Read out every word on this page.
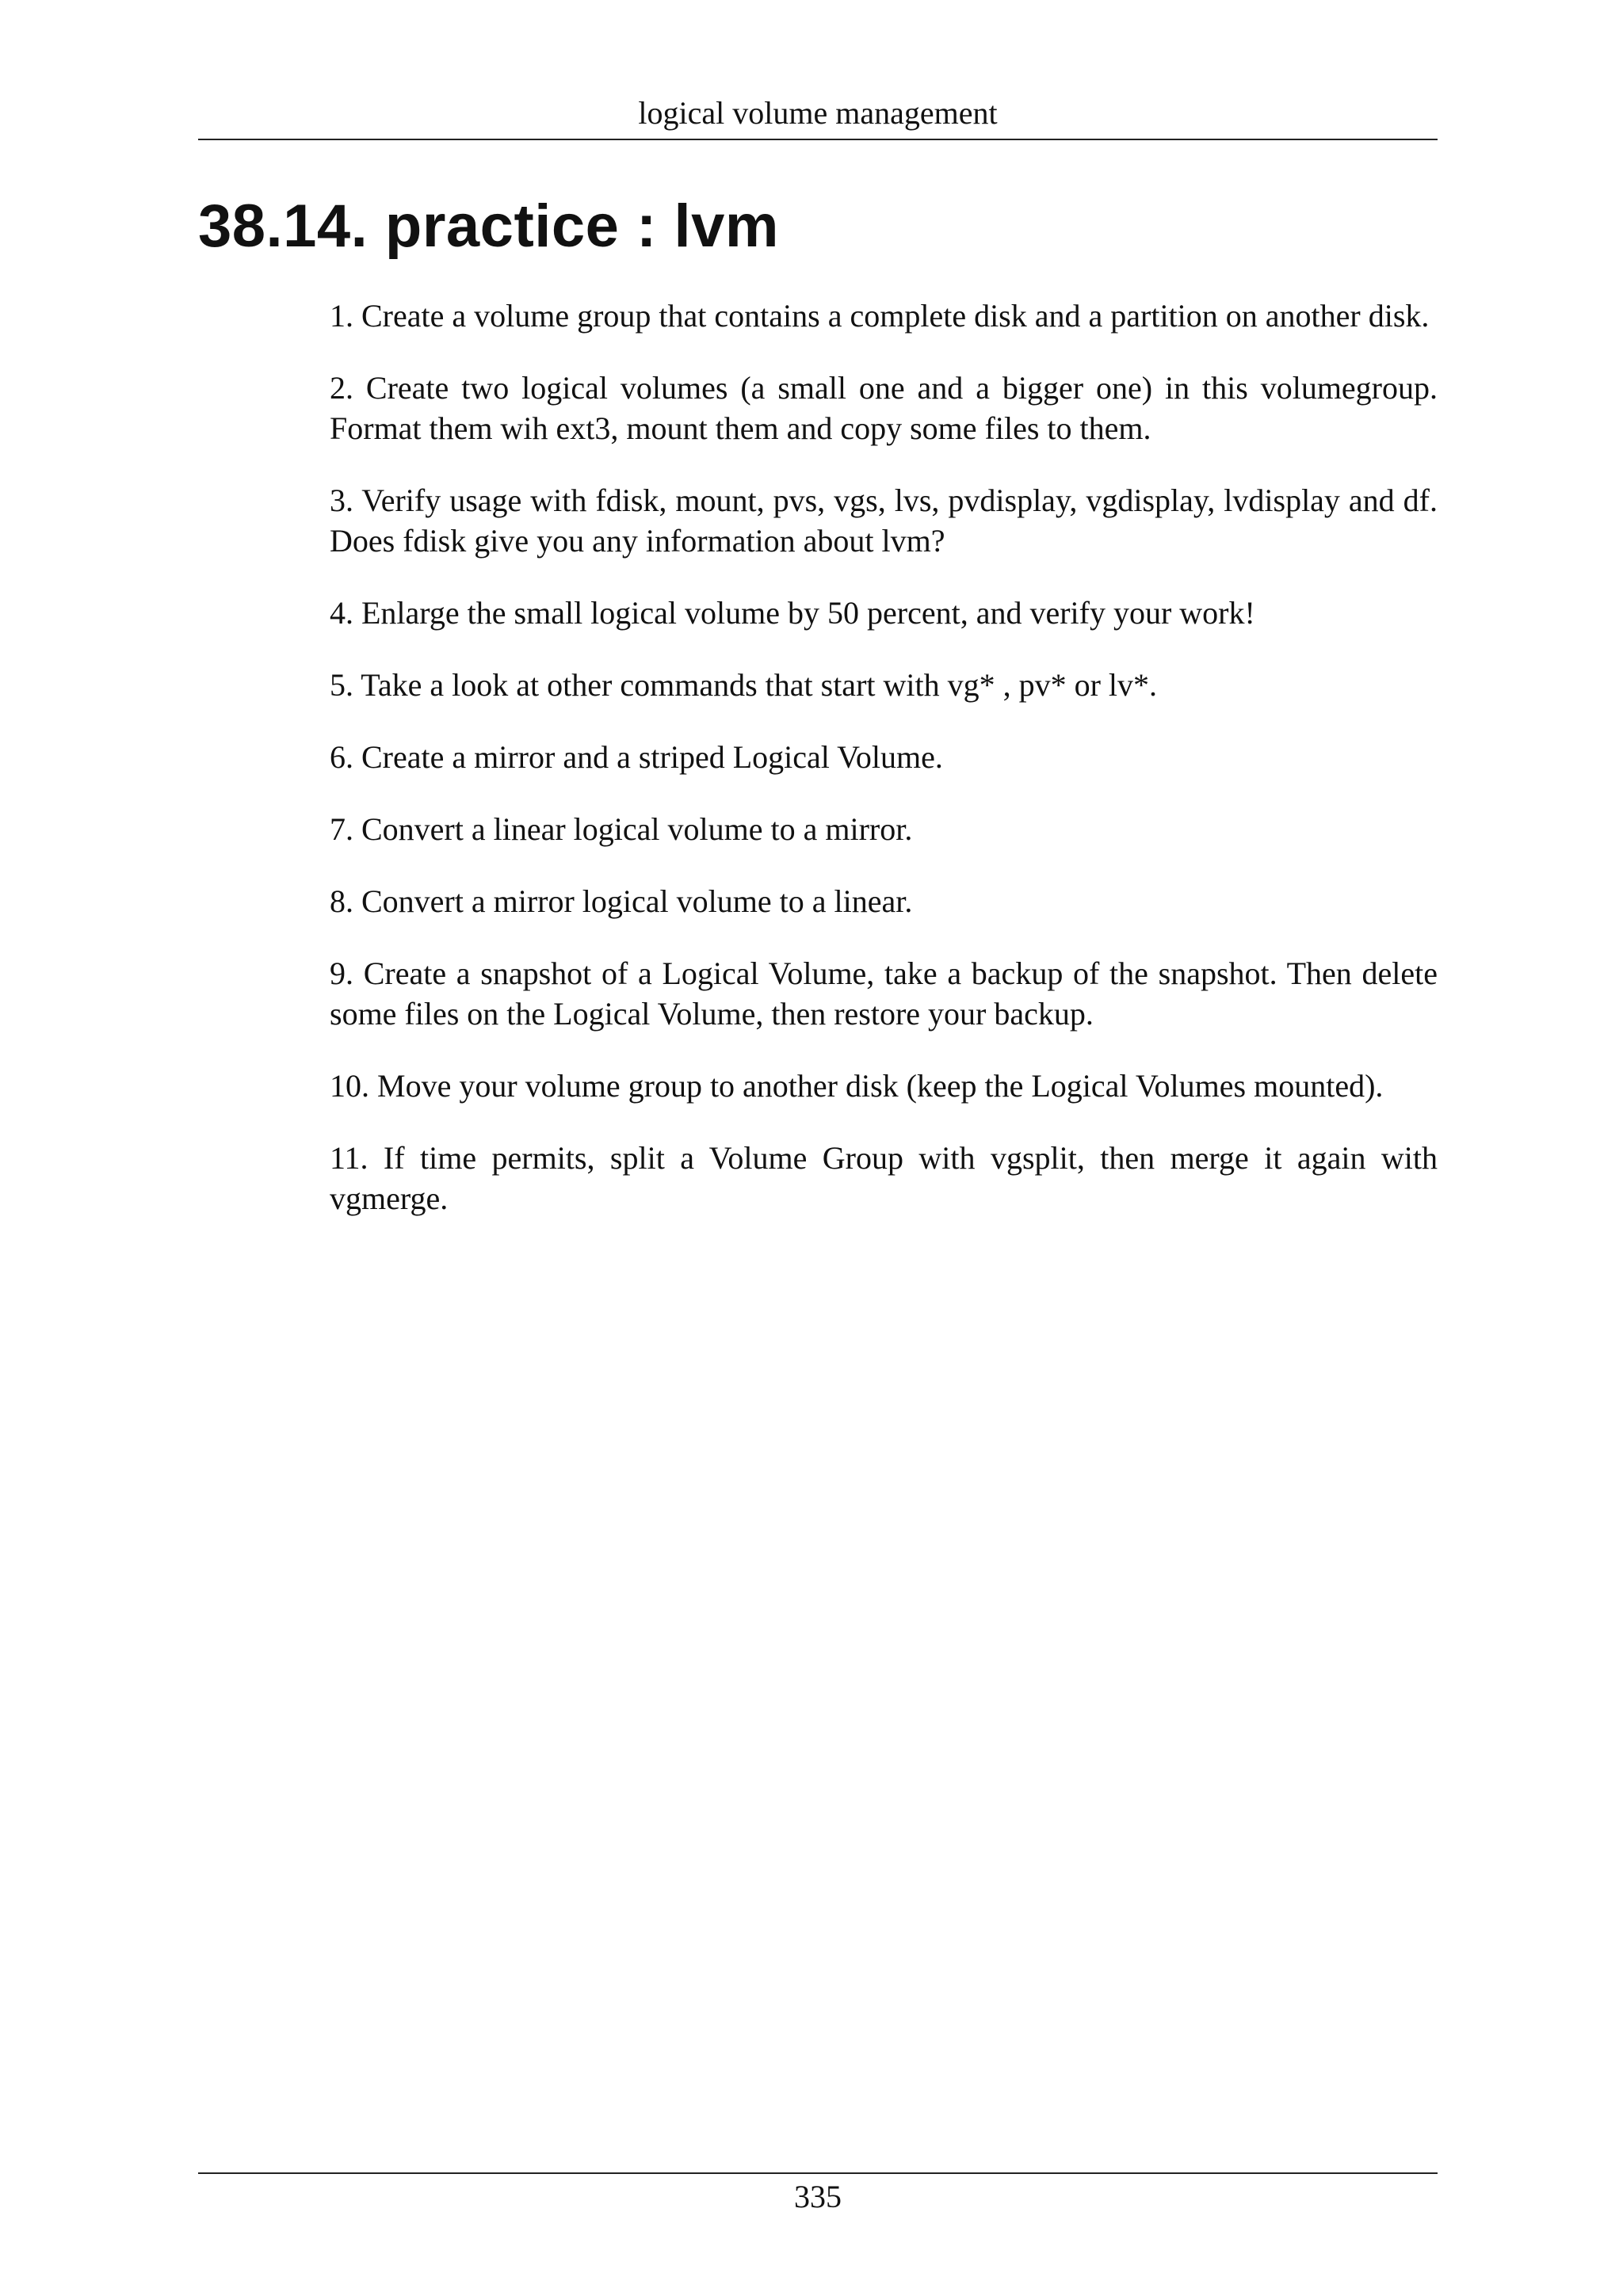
logical volume management
38.14. practice : lvm
1. Create a volume group that contains a complete disk and a partition on another disk.
2. Create two logical volumes (a small one and a bigger one) in this volumegroup. Format them wih ext3, mount them and copy some files to them.
3. Verify usage with fdisk, mount, pvs, vgs, lvs, pvdisplay, vgdisplay, lvdisplay and df. Does fdisk give you any information about lvm?
4. Enlarge the small logical volume by 50 percent, and verify your work!
5. Take a look at other commands that start with vg* , pv* or lv*.
6. Create a mirror and a striped Logical Volume.
7. Convert a linear logical volume to a mirror.
8. Convert a mirror logical volume to a linear.
9. Create a snapshot of a Logical Volume, take a backup of the snapshot. Then delete some files on the Logical Volume, then restore your backup.
10. Move your volume group to another disk (keep the Logical Volumes mounted).
11. If time permits, split a Volume Group with vgsplit, then merge it again with vgmerge.
335
